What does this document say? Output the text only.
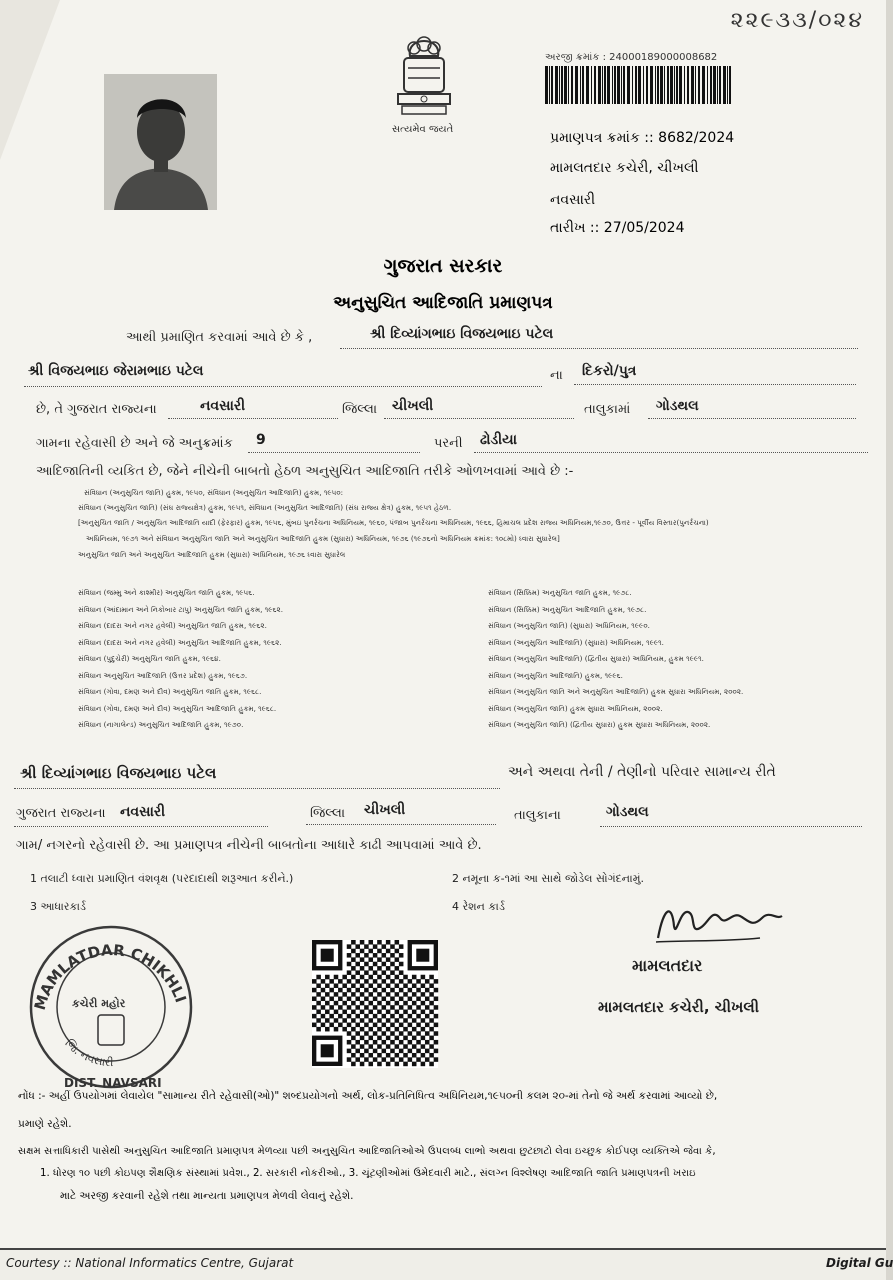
૨૨૯૩૩/૦૨૪
સત્યમેવ જયતે
અરજી ક્રમાંક : 24000189000008682
પ્રમાણપત્ર ક્રમાંક :: 8682/2024
મામલતદાર કચેરી, ચીખલી
નવસારી
તારીખ :: 27/05/2024
ગુજરાત સરકાર
અનુસુચિત આદિજાતિ પ્રમાણપત્ર
આથી પ્રમાણિત કરવામાં આવે છે કે ,	શ્રી દિવ્યાંગભાઇ વિજયભાઇ પટેલ
શ્રી વિજયભાઇ જેરામભાઇ પટેલ	ના દિકરો/પુત્ર
છે, તે ગુજરાત રાજ્યના	નવસારી	જિલ્લા ચીખલી	તાલુકામાં ગોડથલ
ગામના રહેવાસી છે અને જે અનુક્રમાંક 9	પરની ઢોડીયા
આદિજાતિની વ્યકિત છે, જેને નીચેની બાબતો હેઠળ અનુસુચિત આદિજાતિ તરીકે ઓળખવામાં આવે છે :-
સંવિધાન (અનુસુચિત જાતિ) હુકમ, ૧૯૫૦, સંવિધાન (અનુસુચિત આદિજાતિ) હુકમ, ૧૯૫૦:
સંવિધાન (અનુસુચિત જાતિ) (સંઘ રાજ્યક્ષેત્ર) હુકમ, ૧૯૫૧, સંવિધાન (અનુસુચિત આદિજાતિ) (સંઘ રાજ્ય ક્ષેત્ર) હુકમ, ૧૯૫૧ હેઠળ.
[અનુસુચિત જાતિ / અનુસુચિત આદિજાતિ યાદી (ફેરફાર) હુકમ, ૧૯૫૬, મુંબઇ પુનર્રચના અધિનિયમ, ૧૯૬૦, પંજાબ પુનર્રચના અધિનિયમ, ૧૯૬૬, હિમાચલ પ્રદેશ રાજ્ય અધિનિયમ,૧૯૭૦, ઉત્તર - પૂર્વીય વિસ્તાર(પુનર્રચના)
અધિનિયમ, ૧૯૭૧ અને સંવિધાન અનુસુચિત જાતિ અને અનુસુચિત આદિજાતિ હુકમ (સુધારા) અધિનિયમ, ૧૯૭૬ (૧૯૭૬નો અધિનિયમ ક્રમાંક: ૧૦૮મો) ધ્વારા સુધારેલ]
અનુસુચિત જાતિ અને અનુસુચિત આદિજાતિ હુકમ (સુધારા) અધિનિયમ, ૧૯૭૬ ધ્વારા સુધારેલ
સંવિધાન (જમ્મુ અને કાશ્મીર) અનુસુચિત જાતિ હુકમ, ૧૯૫૬.
સંવિધાન (આંદામાન અને નિકોબાર ટાપુ) અનુસુચિત જાતિ હુકમ, ૧૯૬૨.
સંવિધાન (દાદરા અને નગર હવેલી) અનુસુચિત જાતિ હુકમ, ૧૯૬૨.
સંવિધાન (દાદરા અને નગર હવેલી) અનુસુચિત આદિજાતિ હુકમ, ૧૯૬૨.
સંવિધાન (પુદુચેરી) અનુસુચિત જાતિ હુકમ, ૧૯૬૪.
સંવિધાન અનુસુચિત આદિજાતિ (ઉત્તર પ્રદેશ) હુકમ, ૧૯૬૭.
સંવિધાન (ગોવા, દમણ અને દીવ) અનુસુચિત જાતિ હુકમ, ૧૯૬૮.
સંવિધાન (ગોવા, દમણ અને દીવ) અનુસુચિત આદિજાતિ હુકમ, ૧૯૬૮.
સંવિધાન (નાગાલેન્ડ) અનુસુચિત આદિજાતિ હુકમ, ૧૯૭૦.
સંવિધાન (સિક્કિમ) અનુસુચિત જાતિ હુકમ, ૧૯૭૮.
સંવિધાન (સિક્કિમ) અનુસુચિત આદિજાતિ હુકમ, ૧૯૭૮.
સંવિધાન (અનુસુચિત જાતિ) (સુધારા) અધિનિયમ, ૧૯૯૦.
સંવિધાન (અનુસુચિત આદિજાતિ) (સુધારા) અધિનિયમ, ૧૯૯૧.
સંવિધાન (અનુસુચિત આદિજાતિ) (દ્વિતીય સુધારા) અધિનિયમ, હુકમ ૧૯૯૧.
સંવિધાન (અનુસુચિત આદિજાતિ) હુકમ, ૧૯૯૬.
સંવિધાન (અનુસુચિત જાતિ અને અનુસુચિત આદિજાતિ) હુકમ સુધારા અધિનિયમ, ૨૦૦૨.
સંવિધાન (અનુસુચિત જાતિ) હુકમ સુધારા અધિનિયમ, ૨૦૦૨.
સંવિધાન (અનુસુચિત જાતિ) (દ્વિતીય સુધારા) હુકમ સુધારા અધિનિયમ, ૨૦૦૨.
શ્રી દિવ્યાંગભાઇ વિજયભાઇ પટેલ	અને અથવા તેની / તેણીનો પરિવાર સામાન્ય રીતે
ગુજરાત રાજ્યના નવસારી	જિલ્લા ચીખલી	તાલુકાના	ગોડથલ
ગામ/ નગરનો રહેવાસી છે. આ પ્રમાણપત્ર નીચેની બાબતોના આધારે કાઢી આપવામાં આવે છે.
1 તલાટી ધ્વારા પ્રમાણિત વંશવૃક્ષ (પરદાદાથી શરૂઆત કરીને.)	2 નમૂના ક-૧માં આ સાથે જોડેલ સોગંદનામું.
3 આધારકાર્ડ	4 રેશન કાર્ડ
MAMLATDAR CHIKHLI
કચેરી મહોર
જિ. નવસારી
DIST. NAVSARI
મામલતદાર
મામલતદાર કચેરી, ચીખલી
નોંધ :- અહીં ઉપયોગમાં લેવાયેલ "સામાન્ય રીતે રહેવાસી(ઓ)" શબ્દપ્રયોગનો અર્થ, લોક-પ્રતિનિધિત્વ અધિનિયમ,૧૯૫૦ની કલમ ૨૦-માં તેનો જે અર્થ કરવામાં આવ્યો છે,
પ્રમાણે રહેશે.
સક્ષમ સત્તાધિકારી પાસેથી અનુસુચિત આદિજાતિ પ્રમાણપત્ર મેળવ્યા પછી અનુસુચિત આદિજાતિઓએ ઉપલબ્ધ લાભો અથવા છુટછાટો લેવા ઇચ્છુક કોઈપણ વ્યક્તિએ જેવા કે,
1. ધોરણ ૧૦ પછી કોઇપણ શૈક્ષણિક સંસ્થામાં પ્રવેશ., 2. સરકારી નોકરીઓ., 3. ચૂંટણીઓમાં ઉમેદવારી માટે., સંલગ્ન વિશ્લેષણ આદિજાતિ જાતિ પ્રમાણપત્રની ખરાઇ
માટે અરજી કરવાની રહેશે તથા માન્યતા પ્રમાણપત્ર મેળવી લેવાનું રહેશે.
Courtesy :: National Informatics Centre, Gujarat	Digital Gu
